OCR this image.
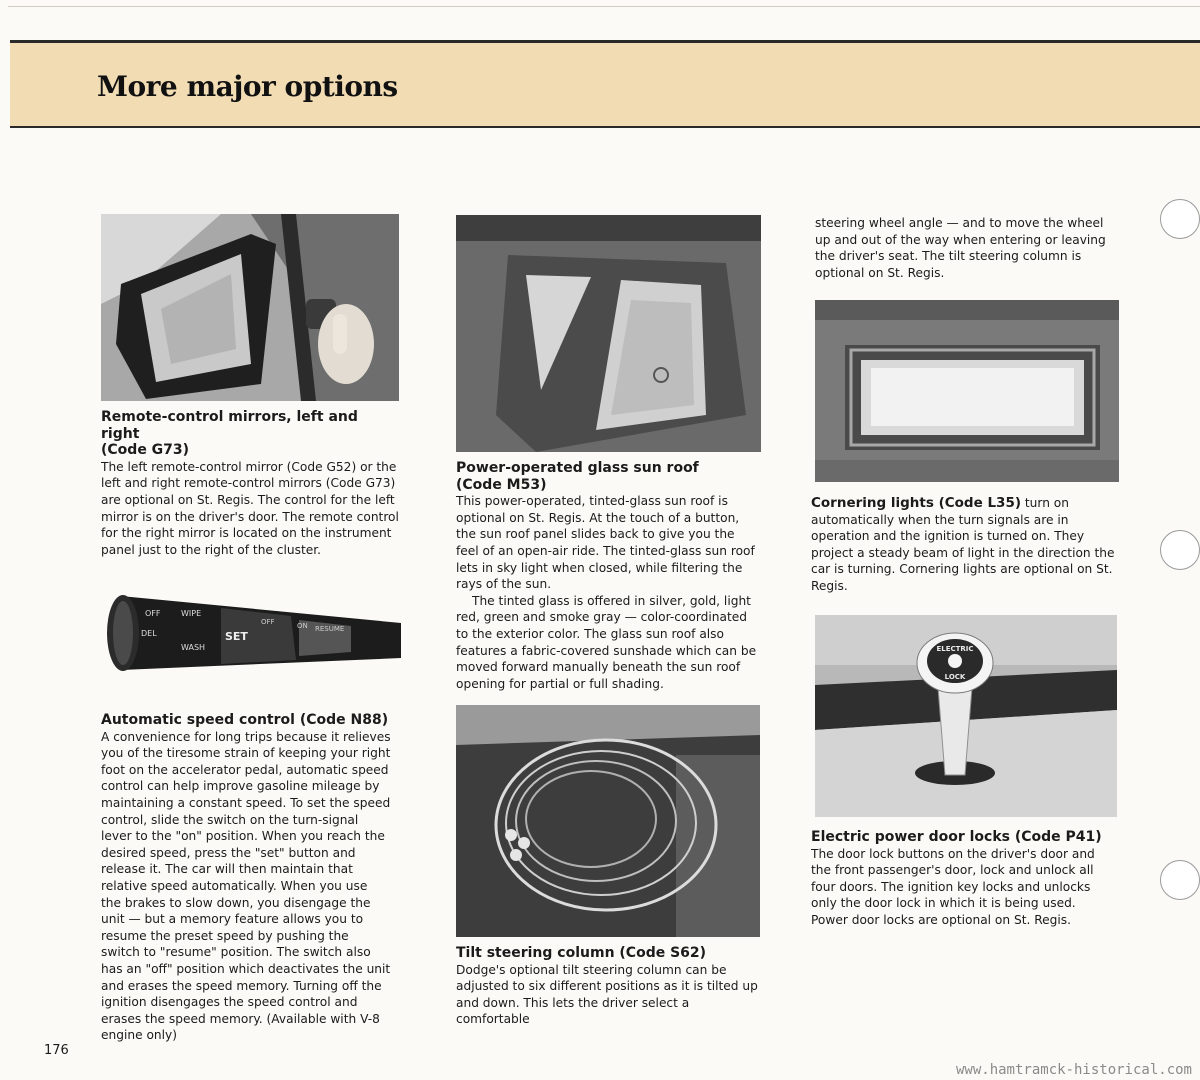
More major options
Remote-control mirrors, left and right
(Code G73)

The left remote-control mirror (Code G52) or the left and right remote-control mirrors (Code G73) are optional on St. Regis. The control for the left mirror is on the driver's door. The remote control for the right mirror is located on the instrument panel just to the right of the cluster.

OFF
DEL
WIPE
WASH
SET
OFF	ON RESUME
Automatic speed control (Code N88)

A convenience for long trips because it relieves you of the tiresome strain of keeping your right foot on the accelerator pedal, automatic speed control can help improve gasoline mileage by maintaining a constant speed. To set the speed control, slide the switch on the turn-signal lever to the "on" position. When you reach the desired speed, press the "set" button and release it. The car will then maintain that relative speed automatically. When you use the brakes to slow down, you disengage the unit — but a memory feature allows you to resume the preset speed by pushing the switch to "resume" position. The switch also has an "off" position which deactivates the unit and erases the speed memory. Turning off the ignition disengages the speed control and erases the speed memory. (Available with V-8 engine only)

Power-operated glass sun roof
(Code M53)

This power-operated, tinted-glass sun roof is optional on St. Regis. At the touch of a button, the sun roof panel slides back to give you the feel of an open-air ride. The tinted-glass sun roof lets in sky light when closed, while filtering the rays of the sun.

The tinted glass is offered in silver, gold, light red, green and smoke gray — color-coordinated to the exterior color. The glass sun roof also features a fabric-covered sunshade which can be moved forward manually beneath the sun roof opening for partial or full shading.

Tilt steering column (Code S62)

Dodge's optional tilt steering column can be adjusted to six different positions as it is tilted up and down. This lets the driver select a comfortable

steering wheel angle — and to move the wheel up and out of the way when entering or leaving the driver's seat. The tilt steering column is optional on St. Regis.

Cornering lights (Code L35) turn on automatically when the turn signals are in operation and the ignition is turned on. They project a steady beam of light in the direction the car is turning. Cornering lights are optional on St. Regis.

ELECTRIC
LOCK
Electric power door locks (Code P41)

The door lock buttons on the driver's door and the front passenger's door, lock and unlock all four doors. The ignition key locks and unlocks only the door lock in which it is being used. Power door locks are optional on St. Regis.

176
www.hamtramck-historical.com
